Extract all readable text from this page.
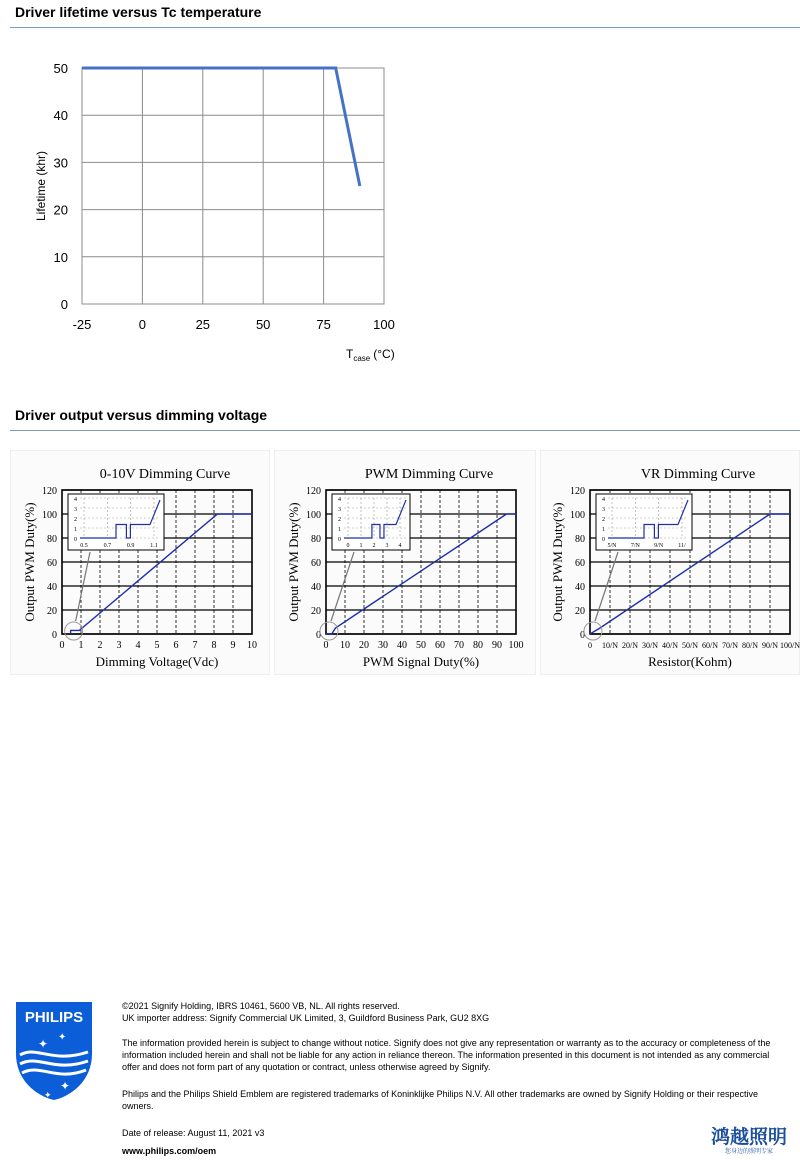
Driver lifetime versus Tc temperature
0
10
20
30
40
50
-25	0	25	50	75	100
Lifetime (khr)
$T_{case}$ (°C)
Driver output versus dimming voltage
0-10V Dimming Curve
0
20
40
60
80
100
120
0 1 2 3 4 5 6 7 8 9 10
Dimming Voltage(Vdc)
Output PWM Duty(%)	0
1
2
3
4
0.5	0.7	0.9	1.1
PWM Dimming Curve
0
20
40
60
80
100
120
0 10 20 30 40 50 60 70 80 90 100
PWM Signal Duty(%)
Output PWM Duty(%)	0
1
2
3
4
0 1 2 3 4
VR Dimming Curve
0
20
40
60
80
100
120
0 10/N 20/N 30/N 40/N 50/N 60/N 70/N 80/N 90/N 100/N
Resistor(Kohm)
Output PWM Duty(%)	0
1
2
3
4
5/N 7/N 9/N	11/
PHILIPS
✦ ✦
✦
✦

©2021 Signify Holding, IBRS 10461, 5600 VB, NL. All rights reserved.

UK importer address: Signify Commercial UK Limited, 3, Guildford Business Park, GU2 8XG

The information provided herein is subject to change without notice. Signify does not give any representation or warranty as to the accuracy or completeness of the information included herein and shall not be liable for any action in reliance thereon. The information presented in this document is not intended as any commercial offer and does not form part of any quotation or contract, unless otherwise agreed by Signify.

Philips and the Philips Shield Emblem are registered trademarks of Koninklijke Philips N.V. All other trademarks are owned by Signify Holding or their respective owners.

Date of release: August 11, 2021 v3

www.philips.com/oem
鸿越照明
您身边的照明专家
